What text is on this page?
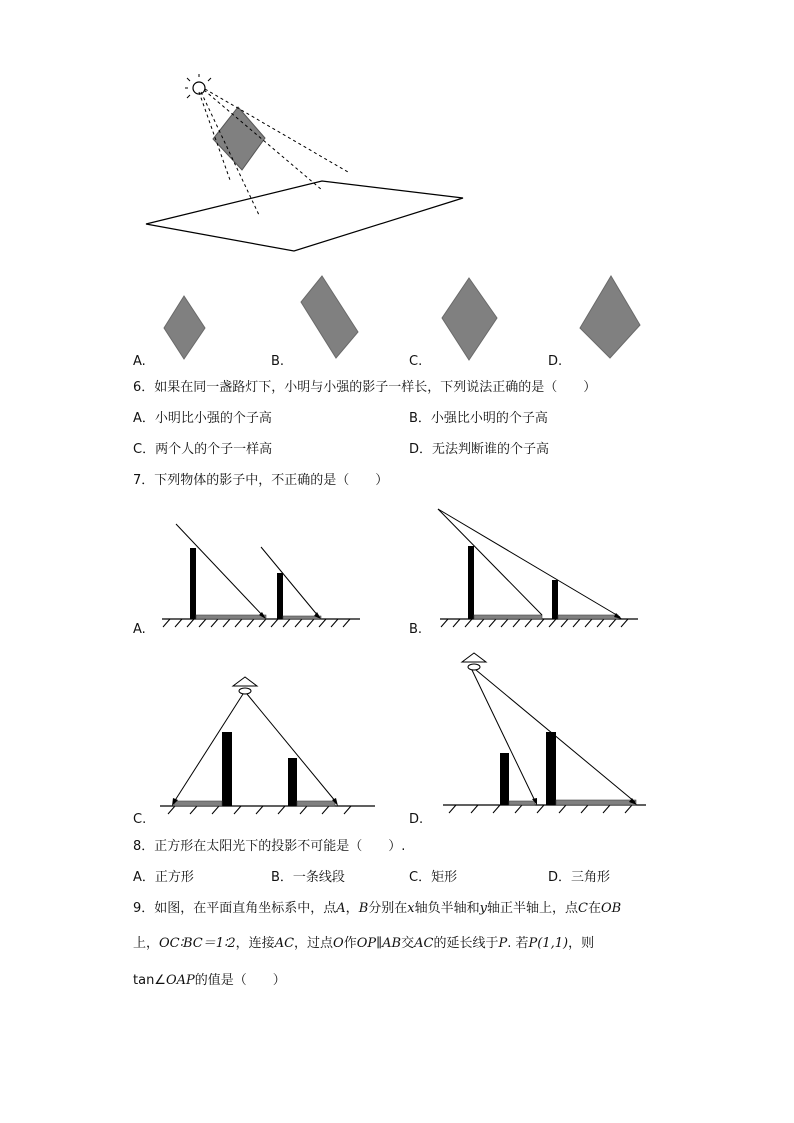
A.	B.	C.	D.
6．如果在同一盏路灯下，小明与小强的影子一样长，下列说法正确的是（　　）
A．小明比小强的个子高	B．小强比小明的个子高
C．两个人的个子一样高	D．无法判断谁的个子高
7．下列物体的影子中，不正确的是（　　）
A.	B.
C.	D.
8．正方形在太阳光下的投影不可能是（　　）.
A．正方形	B．一条线段	C．矩形	D．三角形
9．如图，在平面直角坐标系中，点A，B分别在x轴负半轴和y轴正半轴上，点C在OB
上，OC∶BC＝1∶2，连接AC，过点O作OP∥AB交AC的延长线于P. 若P(1,1)，则
tan∠OAP的值是（　　）
